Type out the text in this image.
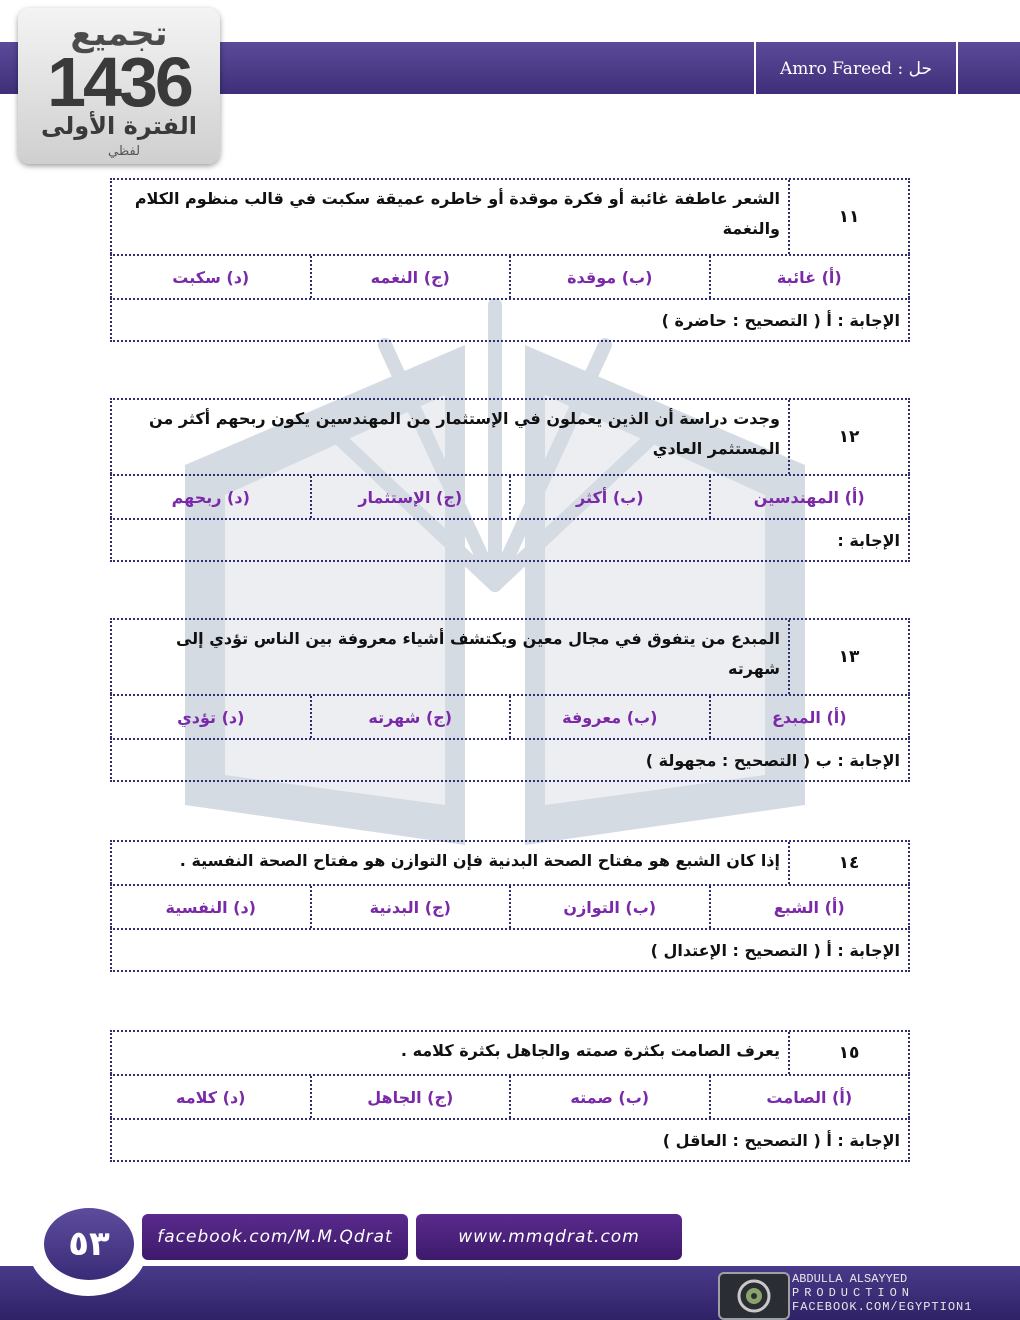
حل : Amro Fareed
تجميع
1436
الفترة الأولى
لفظي
١١
الشعر عاطفة غائبة أو فكرة موقدة أو خاطره عميقة سكبت في قالب منظوم الكلام والنغمة
(أ) غائبة
(ب) موقدة
(ج) النغمه
(د) سكبت
الإجابة : أ ( التصحيح : حاضرة )
١٢
وجدت دراسة أن الذين يعملون في الإستثمار من المهندسين يكون ربحهم أكثر من المستثمر العادي
(أ) المهندسين
(ب) أكثر
(ج) الإستثمار
(د) ربحهم
الإجابة :
١٣
المبدع من يتفوق في مجال معين ويكتشف أشياء معروفة بين الناس تؤدي إلى شهرته
(أ) المبدع
(ب) معروفة
(ج) شهرته
(د) تؤدي
الإجابة : ب ( التصحيح : مجهولة )
١٤
إذا كان الشبع هو مفتاح الصحة البدنية فإن التوازن هو مفتاح الصحة النفسية .
(أ) الشبع
(ب) التوازن
(ج) البدنية
(د) النفسية
الإجابة : أ ( التصحيح : الإعتدال )
١٥
يعرف الصامت بكثرة صمته والجاهل بكثرة كلامه .
(أ) الصامت
(ب) صمته
(ج) الجاهل
(د) كلامه
الإجابة : أ ( التصحيح : العاقل )
٥٣	facebook.com/M.M.Qdrat	www.mmqdrat.com
ABDULLA ALSAYYED
PRODUCTION
FACEBOOK.COM/EGYPTION1
